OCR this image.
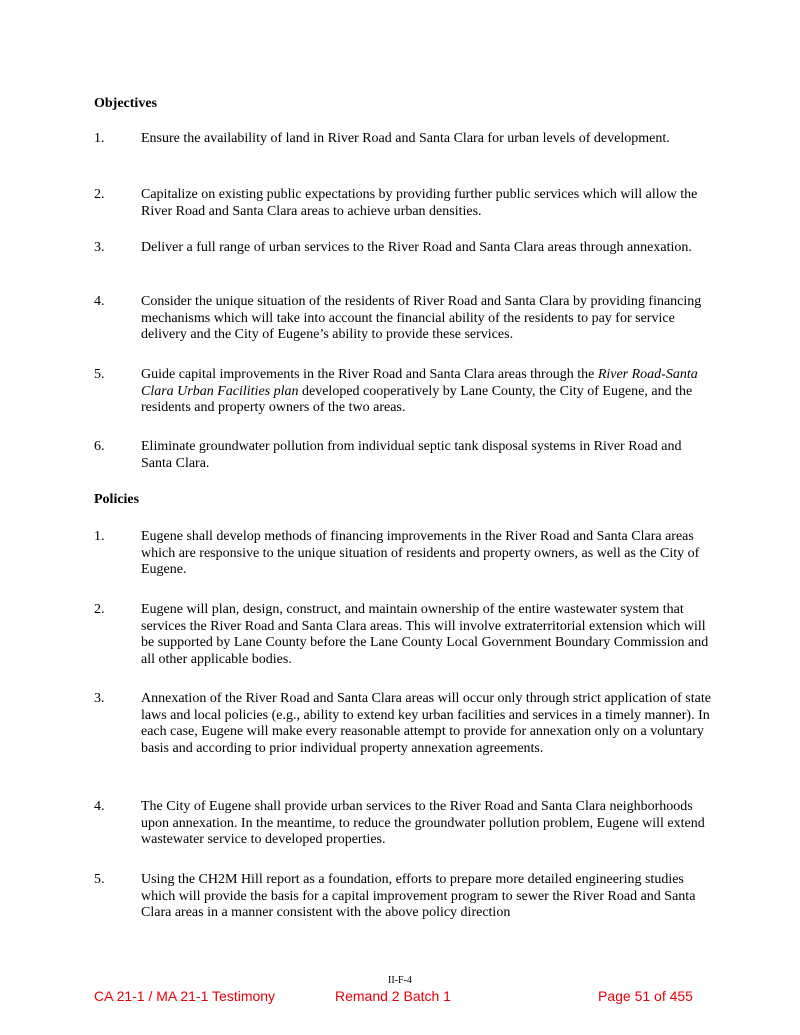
Objectives
1.	Ensure the availability of land in River Road and Santa Clara for urban levels of development.
2.	Capitalize on existing public expectations by providing further public services which will allow the River Road and Santa Clara areas to achieve urban densities.
3.	Deliver a full range of urban services to the River Road and Santa Clara areas through annexation.
4.	Consider the unique situation of the residents of River Road and Santa Clara by providing financing mechanisms which will take into account the financial ability of the residents to pay for service delivery and the City of Eugene’s ability to provide these services.
5.	Guide capital improvements in the River Road and Santa Clara areas through the River Road-Santa Clara Urban Facilities plan developed cooperatively by Lane County, the City of Eugene, and the residents and property owners of the two areas.
6.	Eliminate groundwater pollution from individual septic tank disposal systems in River Road and Santa Clara.
Policies
1.	Eugene shall develop methods of financing improvements in the River Road and Santa Clara areas which are responsive to the unique situation of residents and property owners, as well as the City of Eugene.
2.	Eugene will plan, design, construct, and maintain ownership of the entire wastewater system that services the River Road and Santa Clara areas. This will involve extraterritorial extension which will be supported by Lane County before the Lane County Local Government Boundary Commission and all other applicable bodies.
3.	Annexation of the River Road and Santa Clara areas will occur only through strict application of state laws and local policies (e.g., ability to extend key urban facilities and services in a timely manner). In each case, Eugene will make every reasonable attempt to provide for annexation only on a voluntary basis and according to prior individual property annexation agreements.
4.	The City of Eugene shall provide urban services to the River Road and Santa Clara neighborhoods upon annexation. In the meantime, to reduce the groundwater pollution problem, Eugene will extend wastewater service to developed properties.
5.	Using the CH2M Hill report as a foundation, efforts to prepare more detailed engineering studies which will provide the basis for a capital improvement program to sewer the River Road and Santa Clara areas in a manner consistent with the above policy direction
II-F-4
CA 21-1 / MA 21-1 Testimony	Remand 2 Batch 1	Page 51 of 455
